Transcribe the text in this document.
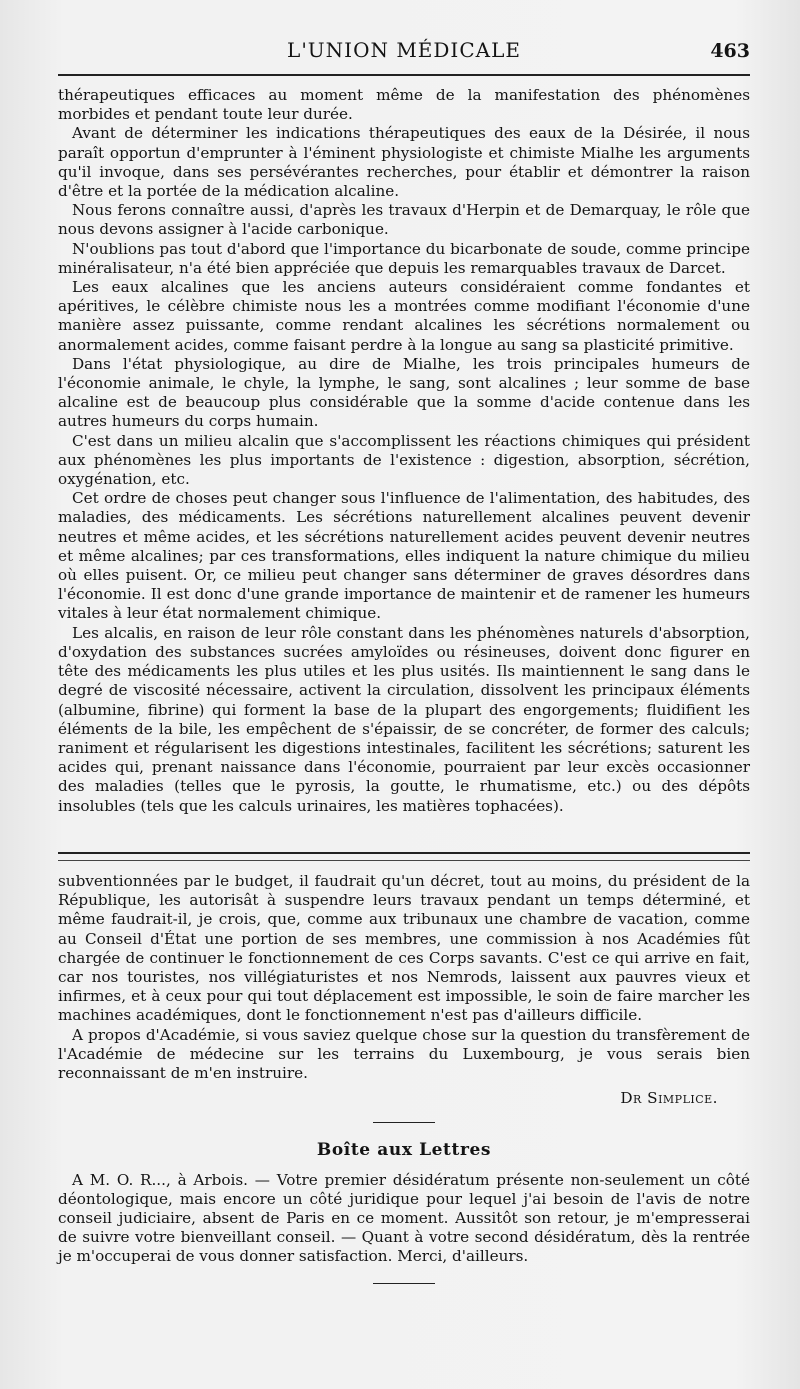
L'UNION MÉDICALE	463

thérapeutiques efficaces au moment même de la manifestation des phénomènes morbides et pendant toute leur durée.

Avant de déterminer les indications thérapeutiques des eaux de la Désirée, il nous paraît opportun d'emprunter à l'éminent physiologiste et chimiste Mialhe les arguments qu'il invoque, dans ses persévérantes recherches, pour établir et démontrer la raison d'être et la portée de la médication alcaline.

Nous ferons connaître aussi, d'après les travaux d'Herpin et de Demarquay, le rôle que nous devons assigner à l'acide carbonique.

N'oublions pas tout d'abord que l'importance du bicarbonate de soude, comme principe minéralisateur, n'a été bien appréciée que depuis les remarquables travaux de Darcet.

Les eaux alcalines que les anciens auteurs considéraient comme fondantes et apéritives, le célèbre chimiste nous les a montrées comme modifiant l'économie d'une manière assez puissante, comme rendant alcalines les sécrétions normalement ou anormalement acides, comme faisant perdre à la longue au sang sa plasticité primitive.

Dans l'état physiologique, au dire de Mialhe, les trois principales humeurs de l'économie animale, le chyle, la lymphe, le sang, sont alcalines ; leur somme de base alcaline est de beaucoup plus considérable que la somme d'acide contenue dans les autres humeurs du corps humain.

C'est dans un milieu alcalin que s'accomplissent les réactions chimiques qui président aux phénomènes les plus importants de l'existence : digestion, absorption, sécrétion, oxygénation, etc.

Cet ordre de choses peut changer sous l'influence de l'alimentation, des habitudes, des maladies, des médicaments. Les sécrétions naturellement alcalines peuvent devenir neutres et même acides, et les sécrétions naturellement acides peuvent devenir neutres et même alcalines; par ces transformations, elles indiquent la nature chimique du milieu où elles puisent. Or, ce milieu peut changer sans déterminer de graves désordres dans l'économie. Il est donc d'une grande importance de maintenir et de ramener les humeurs vitales à leur état normalement chimique.

Les alcalis, en raison de leur rôle constant dans les phénomènes naturels d'absorption, d'oxydation des substances sucrées amyloïdes ou résineuses, doivent donc figurer en tête des médicaments les plus utiles et les plus usités. Ils maintiennent le sang dans le degré de viscosité nécessaire, activent la circulation, dissolvent les principaux éléments (albumine, fibrine) qui forment la base de la plupart des engorgements; fluidifient les éléments de la bile, les empêchent de s'épaissir, de se concréter, de former des calculs; raniment et régularisent les digestions intestinales, facilitent les sécrétions; saturent les acides qui, prenant naissance dans l'économie, pourraient par leur excès occasionner des maladies (telles que le pyrosis, la goutte, le rhumatisme, etc.) ou des dépôts insolubles (tels que les calculs urinaires, les matières tophacées).

subventionnées par le budget, il faudrait qu'un décret, tout au moins, du président de la République, les autorisât à suspendre leurs travaux pendant un temps déterminé, et même faudrait-il, je crois, que, comme aux tribunaux une chambre de vacation, comme au Conseil d'État une portion de ses membres, une commission à nos Académies fût chargée de continuer le fonctionnement de ces Corps savants. C'est ce qui arrive en fait, car nos touristes, nos villégiaturistes et nos Nemrods, laissent aux pauvres vieux et infirmes, et à ceux pour qui tout déplacement est impossible, le soin de faire marcher les machines académiques, dont le fonctionnement n'est pas d'ailleurs difficile.

A propos d'Académie, si vous saviez quelque chose sur la question du transfèrement de l'Académie de médecine sur les terrains du Luxembourg, je vous serais bien reconnaissant de m'en instruire.

Dr Simplice.
Boîte aux Lettres

A M. O. R..., à Arbois. — Votre premier désidératum présente non-seulement un côté déontologique, mais encore un côté juridique pour lequel j'ai besoin de l'avis de notre conseil judiciaire, absent de Paris en ce moment. Aussitôt son retour, je m'empresserai de suivre votre bienveillant conseil. — Quant à votre second désidératum, dès la rentrée je m'occuperai de vous donner satisfaction. Merci, d'ailleurs.
